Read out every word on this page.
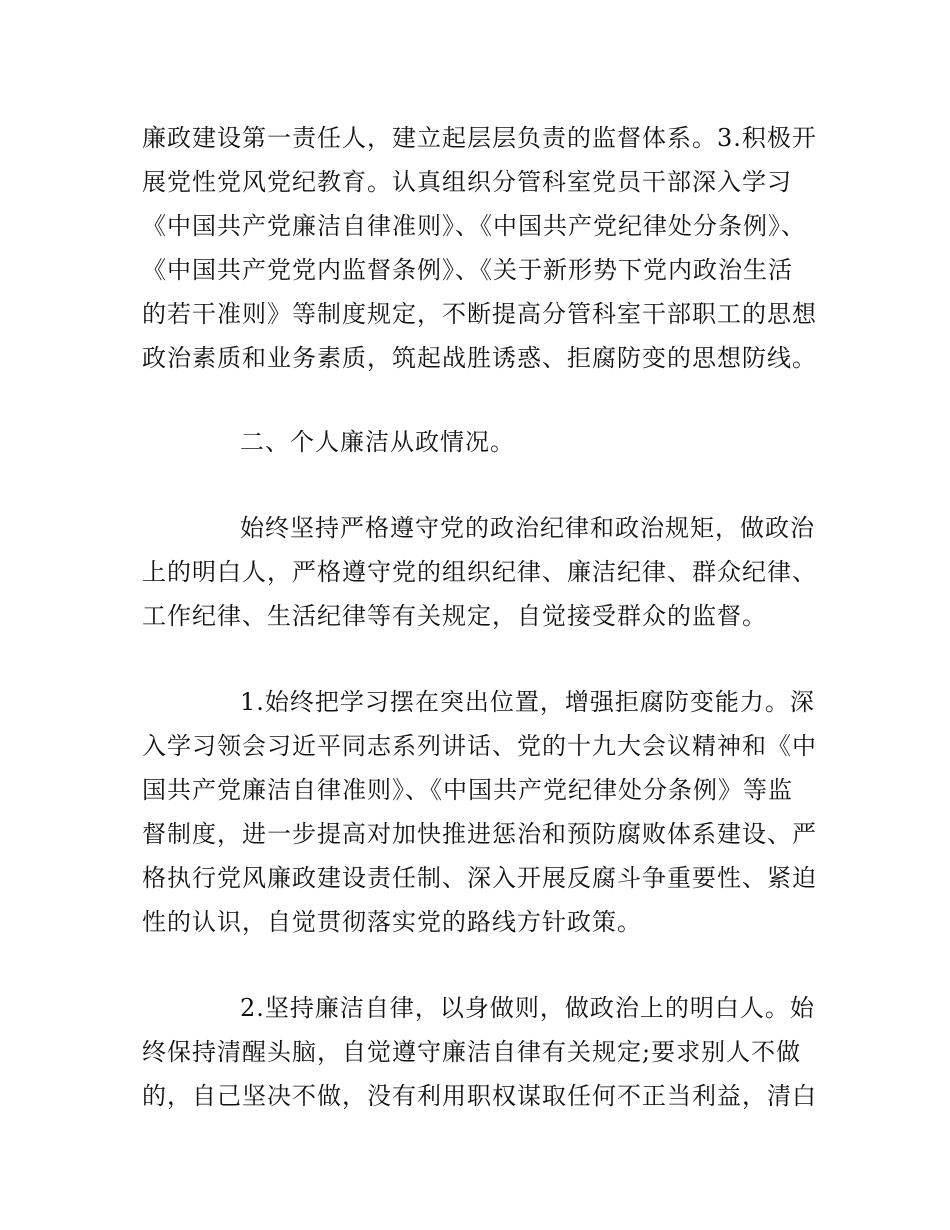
廉政建设第一责任人，建立起层层负责的监督体系。3.积极开
展党性党风党纪教育。认真组织分管科室党员干部深入学习
《中国共产党廉洁自律准则》、《中国共产党纪律处分条例》、
《中国共产党党内监督条例》、《关于新形势下党内政治生活
的若干准则》等制度规定，不断提高分管科室干部职工的思想
政治素质和业务素质，筑起战胜诱惑、拒腐防变的思想防线。
二、个人廉洁从政情况。
始终坚持严格遵守党的政治纪律和政治规矩，做政治
上的明白人，严格遵守党的组织纪律、廉洁纪律、群众纪律、
工作纪律、生活纪律等有关规定，自觉接受群众的监督。
1.始终把学习摆在突出位置，增强拒腐防变能力。深
入学习领会习近平同志系列讲话、党的十九大会议精神和《中
国共产党廉洁自律准则》、《中国共产党纪律处分条例》等监
督制度，进一步提高对加快推进惩治和预防腐败体系建设、严
格执行党风廉政建设责任制、深入开展反腐斗争重要性、紧迫
性的认识，自觉贯彻落实党的路线方针政策。
2.坚持廉洁自律，以身做则，做政治上的明白人。始
终保持清醒头脑，自觉遵守廉洁自律有关规定;要求别人不做
的，自己坚决不做，没有利用职权谋取任何不正当利益，清白
